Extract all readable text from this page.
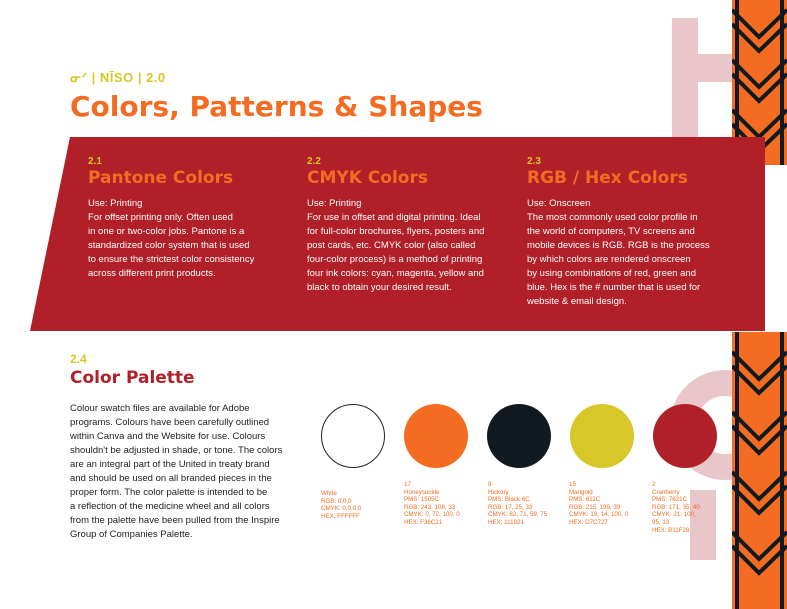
ᓂᐟ | NĪSO | 2.0
Colors, Patterns & Shapes
2.1
Pantone Colors
Use: Printing
For offset printing only. Often used
in one or two-color jobs. Pantone is a
standardized color system that is used
to ensure the strictest color consistency
across different print products.
2.2
CMYK Colors
Use: Printing
For use in offset and digital printing. Ideal
for full-color brochures, flyers, posters and
post cards, etc. CMYK color (also called
four-color process) is a method of printing
four ink colors: cyan, magenta, yellow and
black to obtain your desired result.
2.3
RGB / Hex Colors
Use: Onscreen
The most commonly used color profile in
the world of computers, TV screens and
mobile devices is RGB. RGB is the process
by which colors are rendered onscreen
by using combinations of red, green and
blue. Hex is the # number that is used for
website & email design.
2.4
Color Palette
Colour swatch files are available for Adobe
programs. Colours have been carefully outlined
within Canva and the Website for use. Colours
shouldn't be adjusted in shade, or tone. The colors
are an integral part of the United in treaty brand
and should be used on all branded pieces in the
proper form. The color palette is intended to be
a reflection of the medicine wheel and all colors
from the palette have been pulled from the Inspire
Group of Companies Palette.
White
RGB: 0,0,0
CMYK: 0,0,0,0
HEX: FFFFFF
17
Honeysuckle
PMS: 1505C
RGB: 243, 108, 33
CMYK: 0, 72, 100, 0
HEX: F36C21
8
Hickory
PMS: Black 6C
RGB: 17, 25, 33
CMYK: 82, 71, 59, 75
HEX: 111921
15
Marigold
PMS: 611C
RGB: 215, 199, 39
CMYK: 19, 14, 100, 0
HEX: D7C727
2
Cranberry
PMS: 7621C
RGB: 171, 35, 40
CMYK: 21, 100,
95, 13
HEX: B11F28
